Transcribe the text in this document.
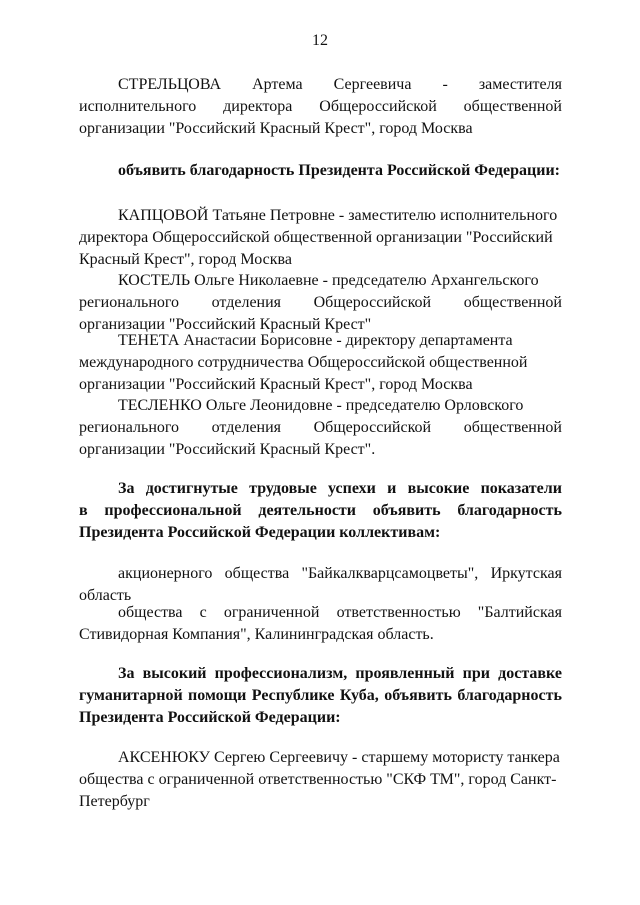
12
СТРЕЛЬЦОВА Артема Сергеевича - заместителя
исполнительного директора Общероссийской общественной
организации "Российский Красный Крест", город Москва
объявить благодарность Президента Российской Федерации:
КАПЦОВОЙ Татьяне Петровне - заместителю исполнительного
директора Общероссийской общественной организации "Российский
Красный Крест", город Москва
КОСТЕЛЬ Ольге Николаевне - председателю Архангельского
регионального отделения Общероссийской общественной
организации "Российский Красный Крест"
ТЕНЕТА Анастасии Борисовне - директору департамента
международного сотрудничества Общероссийской общественной
организации "Российский Красный Крест", город Москва
ТЕСЛЕНКО Ольге Леонидовне - председателю Орловского
регионального отделения Общероссийской общественной
организации "Российский Красный Крест".
За достигнутые трудовые успехи и высокие показатели
в профессиональной деятельности объявить благодарность
Президента Российской Федерации коллективам:
акционерного общества "Байкалкварцсамоцветы", Иркутская
область
общества с ограниченной ответственностью "Балтийская
Стивидорная Компания", Калининградская область.
За высокий профессионализм, проявленный при доставке
гуманитарной помощи Республике Куба, объявить благодарность
Президента Российской Федерации:
АКСЕНЮКУ Сергею Сергеевичу - старшему мотористу танкера
общества с ограниченной ответственностью "СКФ ТМ", город Санкт-
Петербург
